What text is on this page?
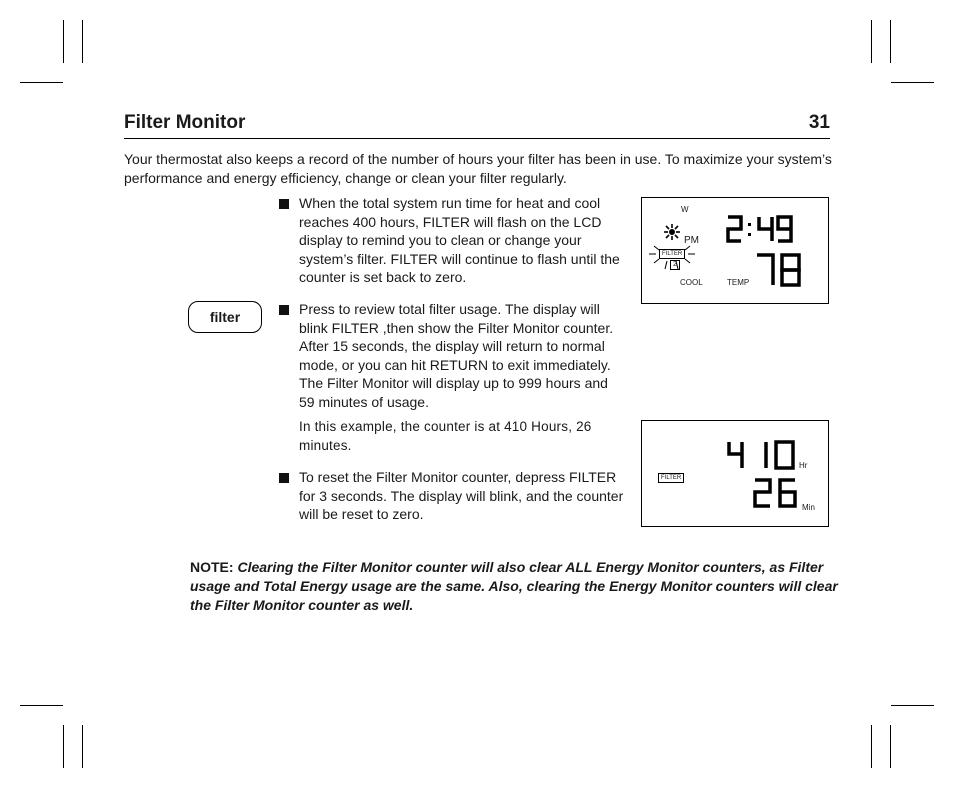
Filter Monitor	31
Your thermostat also keeps a record of the number of hours your filter has been in use. To maximize your system’s performance and energy efficiency, change or clean your filter regularly.
When the total system run time for heat and cool reaches 400 hours, FILTER will flash on the LCD display to remind you to clean or change your system’s filter. FILTER will continue to flash until the counter is set back to zero.
filter	Press to review total filter usage. The display will blink FILTER ,then show the Filter Monitor counter. After 15 seconds, the display will return to normal mode, or you can hit RETURN to exit immediately. The Filter Monitor will display up to 999 hours and 59 minutes of usage.
In this example, the counter is at 410 Hours, 26 minutes.
To reset the Filter Monitor counter, depress FILTER for 3 seconds. The display will blink, and the counter will be reset to zero.
W
PM
FILTER
2
COOL	TEMP
FILTER
Hr
Min
NOTE: Clearing the Filter Monitor counter will also clear ALL Energy Monitor counters, as Filter usage and Total Energy usage are the same. Also, clearing the Energy Monitor counters will clear the Filter Monitor counter as well.
